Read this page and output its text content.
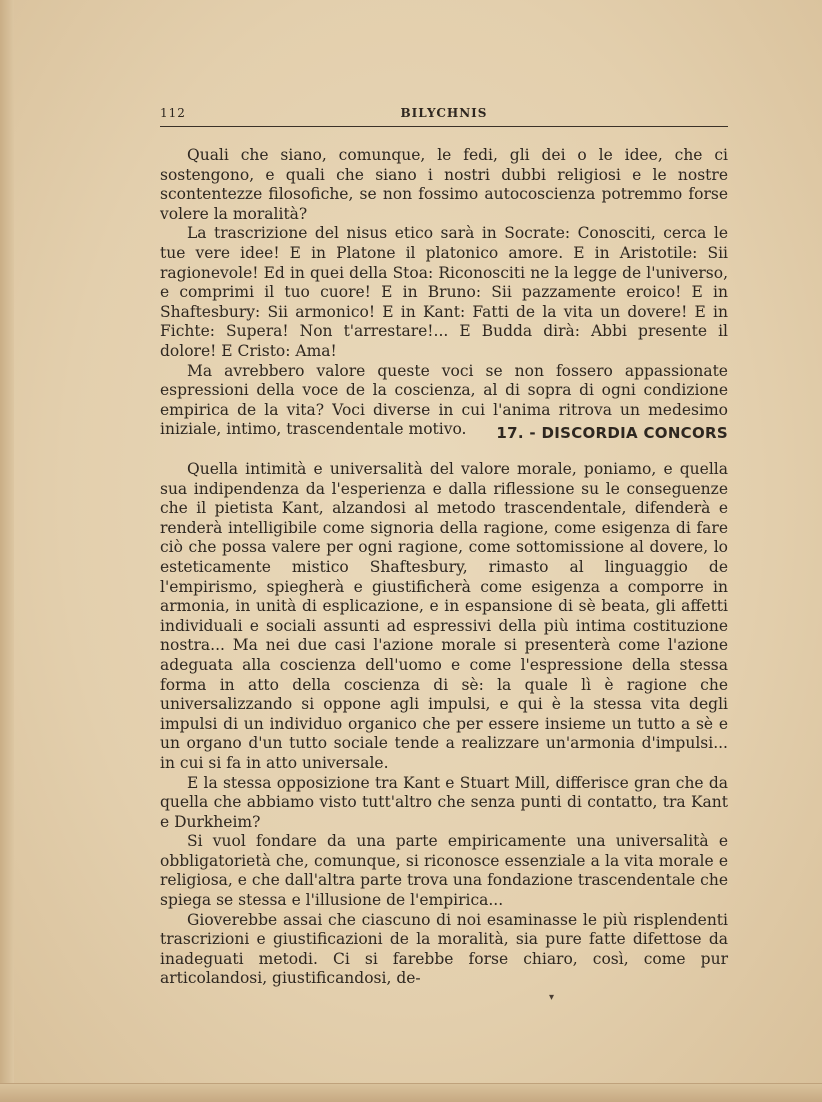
112	BILYCHNIS

Quali che siano, comunque, le fedi, gli dei o le idee, che ci sostengono, e quali che siano i nostri dubbi religiosi e le nostre scontentezze filosofiche, se non fossimo autocoscienza potremmo forse volere la moralità?

La trascrizione del nisus etico sarà in Socrate: Conosciti, cerca le tue vere idee! E in Platone il platonico amore. E in Aristotile: Sii ragionevole! Ed in quei della Stoa: Riconosciti ne la legge de l'universo, e comprimi il tuo cuore! E in Bruno: Sii pazzamente eroico! E in Shaftesbury: Sii armonico! E in Kant: Fatti de la vita un dovere! E in Fichte: Supera! Non t'arrestare!... E Budda dirà: Abbi presente il dolore! E Cristo: Ama!

Ma avrebbero valore queste voci se non fossero appassionate espressioni della voce de la coscienza, al di sopra di ogni condizione empirica de la vita? Voci diverse in cui l'anima ritrova un medesimo iniziale, intimo, trascendentale motivo.	17. - DISCORDIA CONCORS

Quella intimità e universalità del valore morale, poniamo, e quella sua indipendenza da l'esperienza e dalla riflessione su le conseguenze che il pietista Kant, alzandosi al metodo trascendentale, difenderà e renderà intelligibile come signoria della ragione, come esigenza di fare ciò che possa valere per ogni ragione, come sottomissione al dovere, lo esteticamente mistico Shaftesbury, rimasto al linguaggio de l'empirismo, spiegherà e giustificherà come esigenza a comporre in armonia, in unità di esplicazione, e in espansione di sè beata, gli affetti individuali e sociali assunti ad espressivi della più intima costituzione nostra... Ma nei due casi l'azione morale si presenterà come l'azione adeguata alla coscienza dell'uomo e come l'espressione della stessa forma in atto della coscienza di sè: la quale lì è ragione che universalizzando si oppone agli impulsi, e qui è la stessa vita degli impulsi di un individuo organico che per essere insieme un tutto a sè e un organo d'un tutto sociale tende a realizzare un'armonia d'impulsi... in cui si fa in atto universale.

E la stessa opposizione tra Kant e Stuart Mill, differisce gran che da quella che abbiamo visto tutt'altro che senza punti di contatto, tra Kant e Durkheim?

Si vuol fondare da una parte empiricamente una universalità e obbligatorietà che, comunque, si riconosce essenziale a la vita morale e religiosa, e che dall'altra parte trova una fondazione trascendentale che spiega se stessa e l'illusione de l'empirica...

Gioverebbe assai che ciascuno di noi esaminasse le più risplendenti trascrizioni e giustificazioni de la moralità, sia pure fatte difettose da inadeguati metodi. Ci si farebbe forse chiaro, così, come pur articolandosi, giustificandosi, de-

▾
